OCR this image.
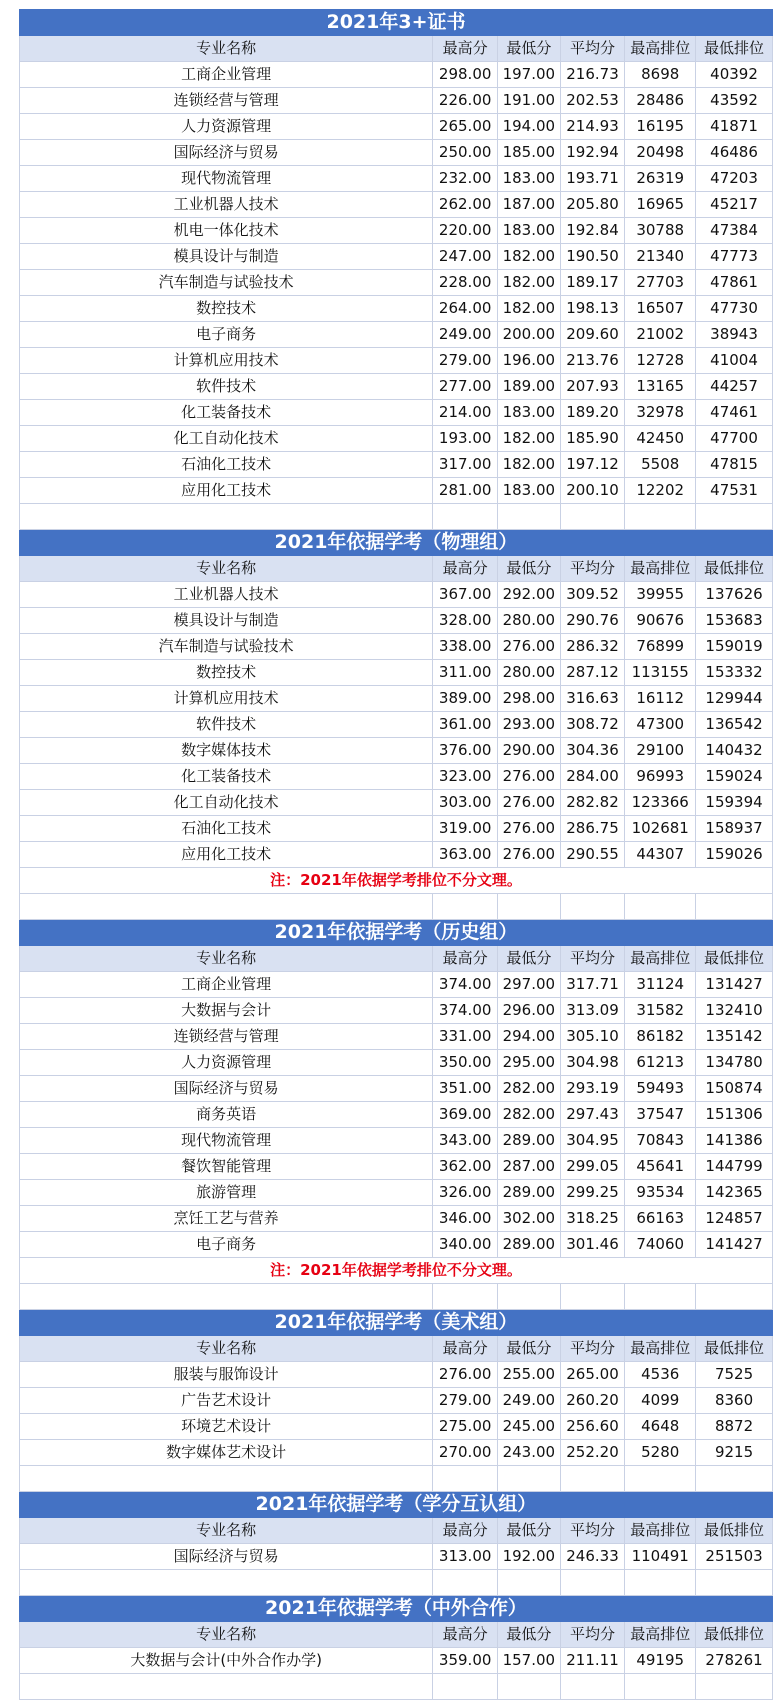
2021年3+证书					
专业名称	最高分	最低分	平均分	最高排位	最低排位
工商企业管理	298.00	197.00	216.73	8698	40392
连锁经营与管理	226.00	191.00	202.53	28486	43592
人力资源管理	265.00	194.00	214.93	16195	41871
国际经济与贸易	250.00	185.00	192.94	20498	46486
现代物流管理	232.00	183.00	193.71	26319	47203
工业机器人技术	262.00	187.00	205.80	16965	45217
机电一体化技术	220.00	183.00	192.84	30788	47384
模具设计与制造	247.00	182.00	190.50	21340	47773
汽车制造与试验技术	228.00	182.00	189.17	27703	47861
数控技术	264.00	182.00	198.13	16507	47730
电子商务	249.00	200.00	209.60	21002	38943
计算机应用技术	279.00	196.00	213.76	12728	41004
软件技术	277.00	189.00	207.93	13165	44257
化工装备技术	214.00	183.00	189.20	32978	47461
化工自动化技术	193.00	182.00	185.90	42450	47700
石油化工技术	317.00	182.00	197.12	5508	47815
应用化工技术	281.00	183.00	200.10	12202	47531

2021年依据学考（物理组）					
专业名称	最高分	最低分	平均分	最高排位	最低排位
工业机器人技术	367.00	292.00	309.52	39955	137626
模具设计与制造	328.00	280.00	290.76	90676	153683
汽车制造与试验技术	338.00	276.00	286.32	76899	159019
数控技术	311.00	280.00	287.12	113155	153332
计算机应用技术	389.00	298.00	316.63	16112	129944
软件技术	361.00	293.00	308.72	47300	136542
数字媒体技术	376.00	290.00	304.36	29100	140432
化工装备技术	323.00	276.00	284.00	96993	159024
化工自动化技术	303.00	276.00	282.82	123366	159394
石油化工技术	319.00	276.00	286.75	102681	158937
应用化工技术	363.00	276.00	290.55	44307	159026
注：2021年依据学考排位不分文理。					

2021年依据学考（历史组）					
专业名称	最高分	最低分	平均分	最高排位	最低排位
工商企业管理	374.00	297.00	317.71	31124	131427
大数据与会计	374.00	296.00	313.09	31582	132410
连锁经营与管理	331.00	294.00	305.10	86182	135142
人力资源管理	350.00	295.00	304.98	61213	134780
国际经济与贸易	351.00	282.00	293.19	59493	150874
商务英语	369.00	282.00	297.43	37547	151306
现代物流管理	343.00	289.00	304.95	70843	141386
餐饮智能管理	362.00	287.00	299.05	45641	144799
旅游管理	326.00	289.00	299.25	93534	142365
烹饪工艺与营养	346.00	302.00	318.25	66163	124857
电子商务	340.00	289.00	301.46	74060	141427
注：2021年依据学考排位不分文理。					

2021年依据学考（美术组）					
专业名称	最高分	最低分	平均分	最高排位	最低排位
服装与服饰设计	276.00	255.00	265.00	4536	7525
广告艺术设计	279.00	249.00	260.20	4099	8360
环境艺术设计	275.00	245.00	256.60	4648	8872
数字媒体艺术设计	270.00	243.00	252.20	5280	9215

2021年依据学考（学分互认组）					
专业名称	最高分	最低分	平均分	最高排位	最低排位
国际经济与贸易	313.00	192.00	246.33	110491	251503

2021年依据学考（中外合作）					
专业名称	最高分	最低分	平均分	最高排位	最低排位
大数据与会计(中外合作办学)	359.00	157.00	211.11	49195	278261
